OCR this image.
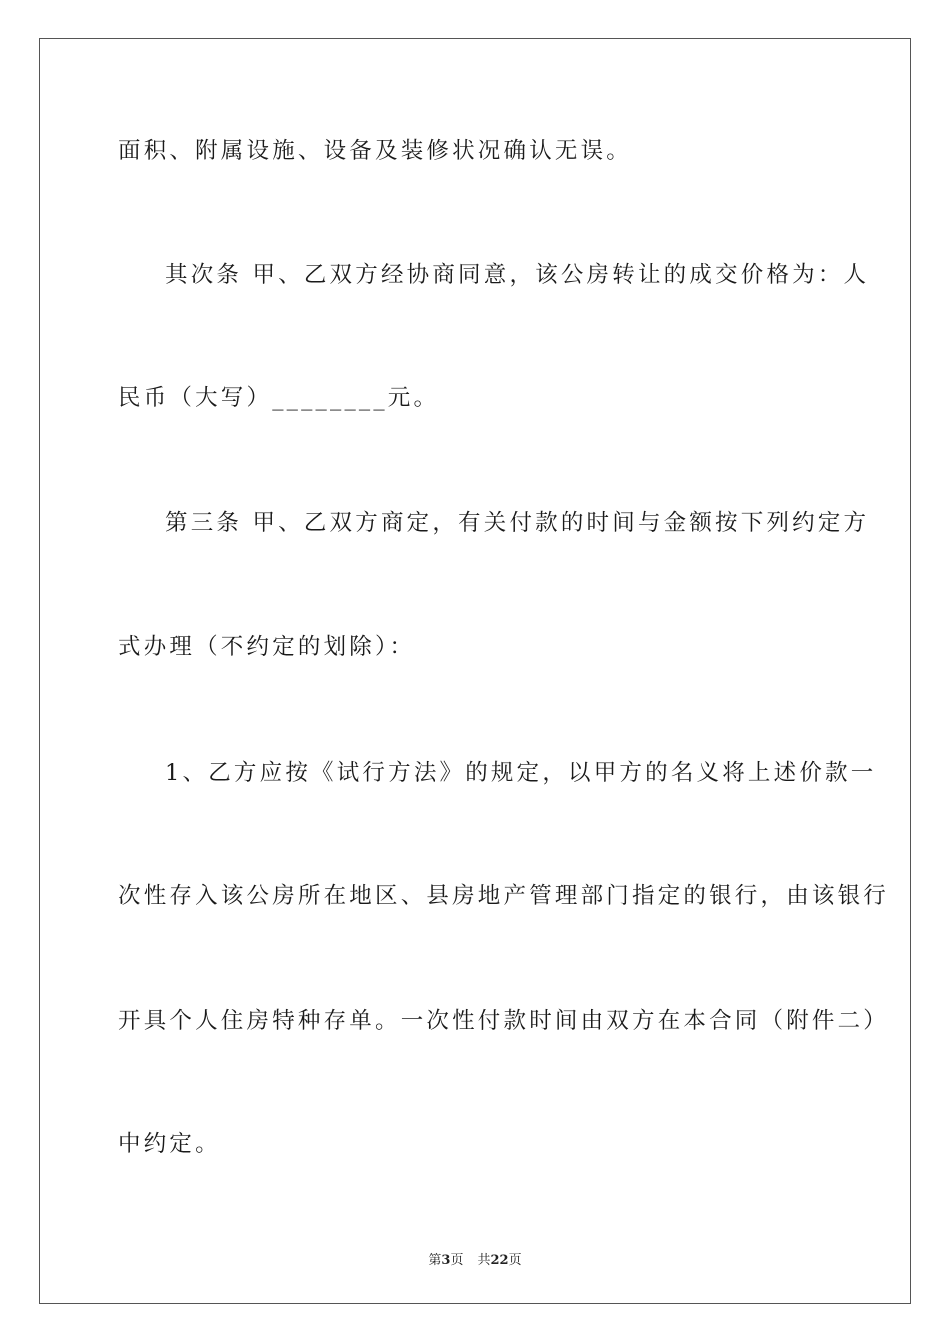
面积、附属设施、设备及装修状况确认无误。
其次条 甲、乙双方经协商同意，该公房转让的成交价格为：人
民币（大写）________元。
第三条 甲、乙双方商定，有关付款的时间与金额按下列约定方
式办理（不约定的划除）：
1、乙方应按《试行方法》的规定，以甲方的名义将上述价款一
次性存入该公房所在地区、县房地产管理部门指定的银行，由该银行
开具个人住房特种存单。一次性付款时间由双方在本合同（附件二）
中约定。
第3页 共22页
